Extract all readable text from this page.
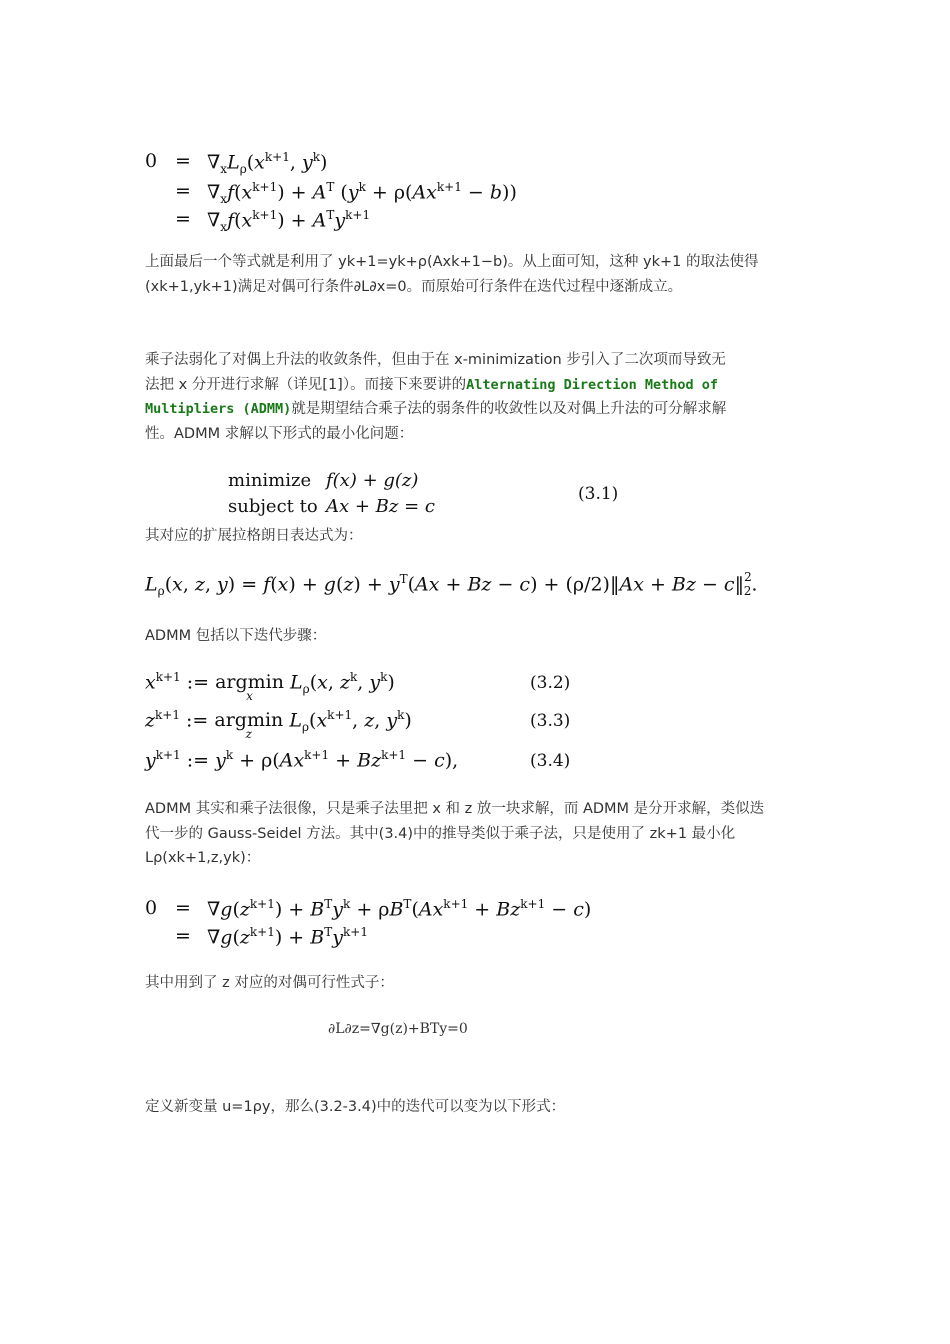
$0 = \nabla_xL_\rho(x^{k+1}$, $y^k$)
= $\nabla_xf(x^{k+1}) + A^T$ $(y^k + \rho(Ax^{k+1} - b))$
= $\nabla_xf(x^{k+1}) + A^Ty^{k+1}$
上面最后一个等式就是利用了 yk+1=yk+ρ(Axk+1−b)。从上面可知，这种 yk+1 的取法使得
(xk+1,yk+1)满足对偶可行条件∂L∂x=0。而原始可行条件在迭代过程中逐渐成立。
乘子法弱化了对偶上升法的收敛条件，但由于在 x-minimization 步引入了二次项而导致无
法把 x 分开进行求解（详见[1]）。而接下来要讲的Alternating Direction Method of
Multipliers (ADMM)就是期望结合乘子法的弱条件的收敛性以及对偶上升法的可分解求解
性。ADMM 求解以下形式的最小化问题：
minimize f(x) + g(z)
subject to Ax + Bz = c
(3.1)
其对应的扩展拉格朗日表达式为：
$L_\rho(x$, z, $y) = f(x) + g(z) + y^T(Ax + Bz - c)$ + (ρ/2)‖Ax + Bz − c‖$^2_2$.
ADMM 包括以下迭代步骤：
$x^{k+1}$ := argmin
x
$L_\rho(x$, $z^k$, $y^k$)
$z^{k+1}$ := argmin
z
$L_\rho(x^{k+1}$, z, $y^k$)
$y^{k+1}$ := $y^k + \rho(Ax^{k+1} + Bz^{k+1} - c)$,
(3.2)
(3.3)
(3.4)
ADMM 其实和乘子法很像，只是乘子法里把 x 和 z 放一块求解，而 ADMM 是分开求解，类似迭
代一步的 Gauss-Seidel 方法。其中(3.4)中的推导类似于乘子法，只是使用了 zk+1 最小化
Lρ(xk+1,z,yk)：
$0 = \nabla g(z^{k+1}) + B^Ty^k + \rho B^T(Ax^{k+1} + Bz^{k+1} - c)$
= $\nabla g(z^{k+1}) + B^Ty^{k+1}$
其中用到了 z 对应的对偶可行性式子：
∂L∂z=∇g(z)+BTy=0
定义新变量 u=1ρy，那么(3.2-3.4)中的迭代可以变为以下形式：
